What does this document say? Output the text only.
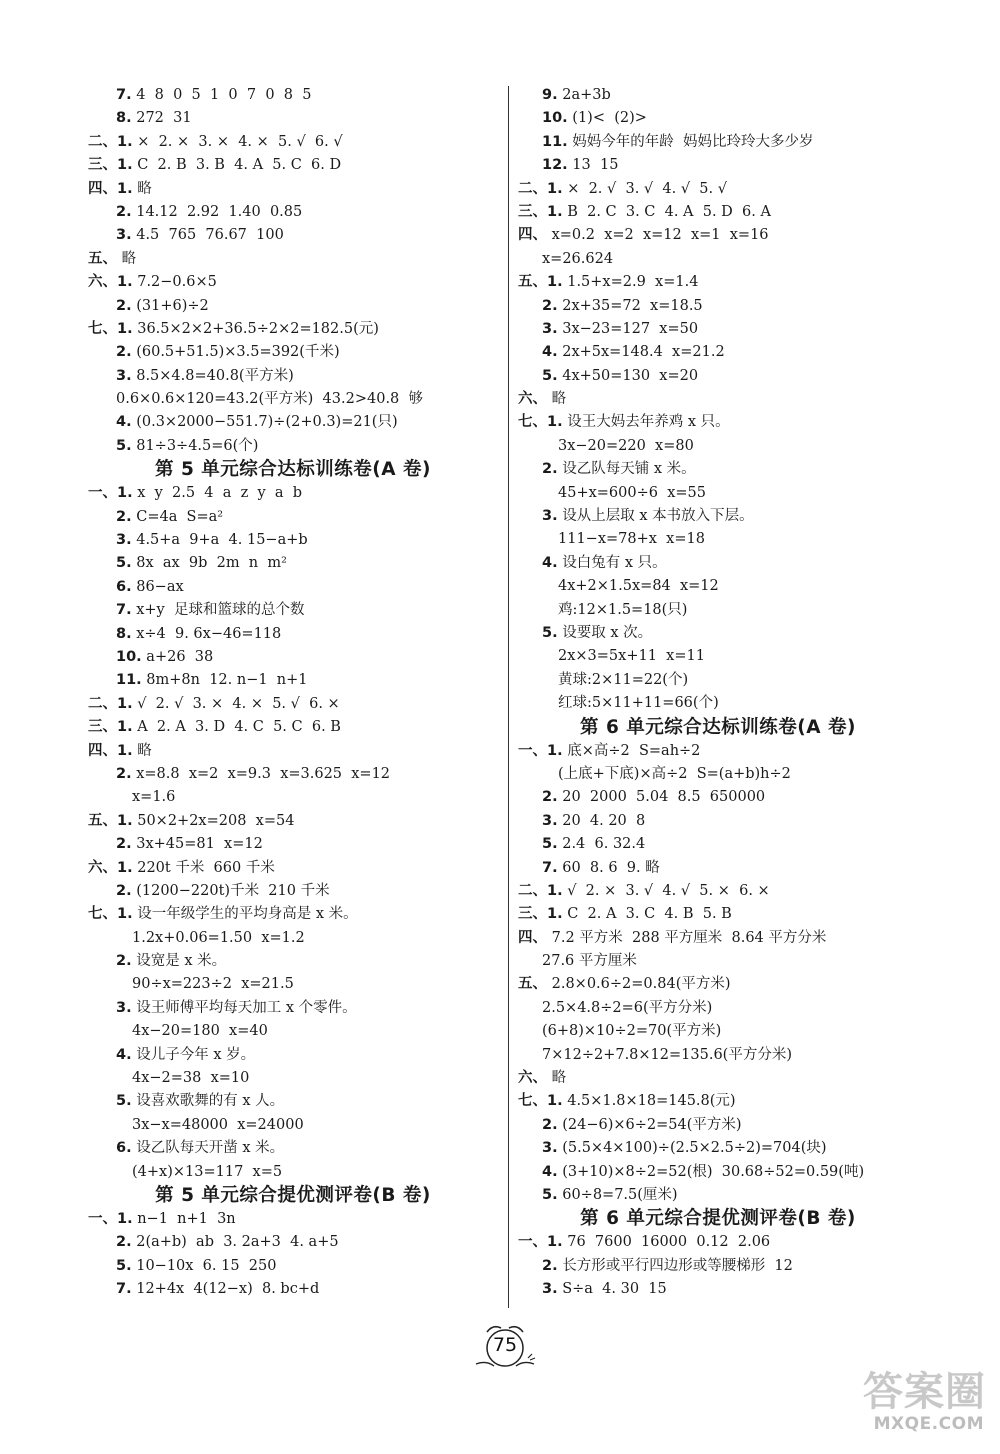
7. 4  8  0  5  1  0  7  0  8  5
8. 272  31
二、1. ×  2. ×  3. ×  4. ×  5. √  6. √
三、1. C  2. B  3. B  4. A  5. C  6. D
四、1. 略
2. 14.12  2.92  1.40  0.85
3. 4.5  765  76.67  100
五、 略
六、1. 7.2−0.6×5
2. (31+6)÷2
七、1. 36.5×2×2+36.5÷2×2=182.5(元)
2. (60.5+51.5)×3.5=392(千米)
3. 8.5×4.8=40.8(平方米)
0.6×0.6×120=43.2(平方米)  43.2>40.8  够
4. (0.3×2000−551.7)÷(2+0.3)=21(只)
5. 81÷3÷4.5=6(个)
第 5 单元综合达标训练卷(A 卷)
一、1. x  y  2.5  4  a  z  y  a  b
2. C=4a  S=a²
3. 4.5+a  9+a  4. 15−a+b
5. 8x  ax  9b  2m  n  m²
6. 86−ax
7. x+y  足球和篮球的总个数
8. x÷4  9. 6x−46=118
10. a+26  38
11. 8m+8n  12. n−1  n+1
二、1. √  2. √  3. ×  4. ×  5. √  6. ×
三、1. A  2. A  3. D  4. C  5. C  6. B
四、1. 略
2. x=8.8  x=2  x=9.3  x=3.625  x=12
x=1.6
五、1. 50×2+2x=208  x=54
2. 3x+45=81  x=12
六、1. 220t 千米  660 千米
2. (1200−220t)千米  210 千米
七、1. 设一年级学生的平均身高是 x 米。
1.2x+0.06=1.50  x=1.2
2. 设宽是 x 米。
90÷x=223÷2  x=21.5
3. 设王师傅平均每天加工 x 个零件。
4x−20=180  x=40
4. 设儿子今年 x 岁。
4x−2=38  x=10
5. 设喜欢歌舞的有 x 人。
3x−x=48000  x=24000
6. 设乙队每天开凿 x 米。
(4+x)×13=117  x=5
第 5 单元综合提优测评卷(B 卷)
一、1. n−1  n+1  3n
2. 2(a+b)  ab  3. 2a+3  4. a+5
5. 10−10x  6. 15  250
7. 12+4x  4(12−x)  8. bc+d
9. 2a+3b
10. (1)<  (2)>
11. 妈妈今年的年龄  妈妈比玲玲大多少岁
12. 13  15
二、1. ×  2. √  3. √  4. √  5. √
三、1. B  2. C  3. C  4. A  5. D  6. A
四、 x=0.2  x=2  x=12  x=1  x=16
x=26.624
五、1. 1.5+x=2.9  x=1.4
2. 2x+35=72  x=18.5
3. 3x−23=127  x=50
4. 2x+5x=148.4  x=21.2
5. 4x+50=130  x=20
六、 略
七、1. 设王大妈去年养鸡 x 只。
3x−20=220  x=80
2. 设乙队每天铺 x 米。
45+x=600÷6  x=55
3. 设从上层取 x 本书放入下层。
111−x=78+x  x=18
4. 设白兔有 x 只。
4x+2×1.5x=84  x=12
鸡:12×1.5=18(只)
5. 设要取 x 次。
2x×3=5x+11  x=11
黄球:2×11=22(个)
红球:5×11+11=66(个)
第 6 单元综合达标训练卷(A 卷)
一、1. 底×高÷2  S=ah÷2
(上底+下底)×高÷2  S=(a+b)h÷2
2. 20  2000  5.04  8.5  650000
3. 20  4. 20  8
5. 2.4  6. 32.4
7. 60  8. 6  9. 略
二、1. √  2. ×  3. √  4. √  5. ×  6. ×
三、1. C  2. A  3. C  4. B  5. B
四、 7.2 平方米  288 平方厘米  8.64 平方分米
27.6 平方厘米
五、 2.8×0.6÷2=0.84(平方米)
2.5×4.8÷2=6(平方分米)
(6+8)×10÷2=70(平方米)
7×12÷2+7.8×12=135.6(平方分米)
六、 略
七、1. 4.5×1.8×18=145.8(元)
2. (24−6)×6÷2=54(平方米)
3. (5.5×4×100)÷(2.5×2.5÷2)=704(块)
4. (3+10)×8÷2=52(根)  30.68÷52=0.59(吨)
5. 60÷8=7.5(厘米)
第 6 单元综合提优测评卷(B 卷)
一、1. 76  7600  16000  0.12  2.06
2. 长方形或平行四边形或等腰梯形  12
3. S÷a  4. 30  15
75
答案圈
MXQE.COM
